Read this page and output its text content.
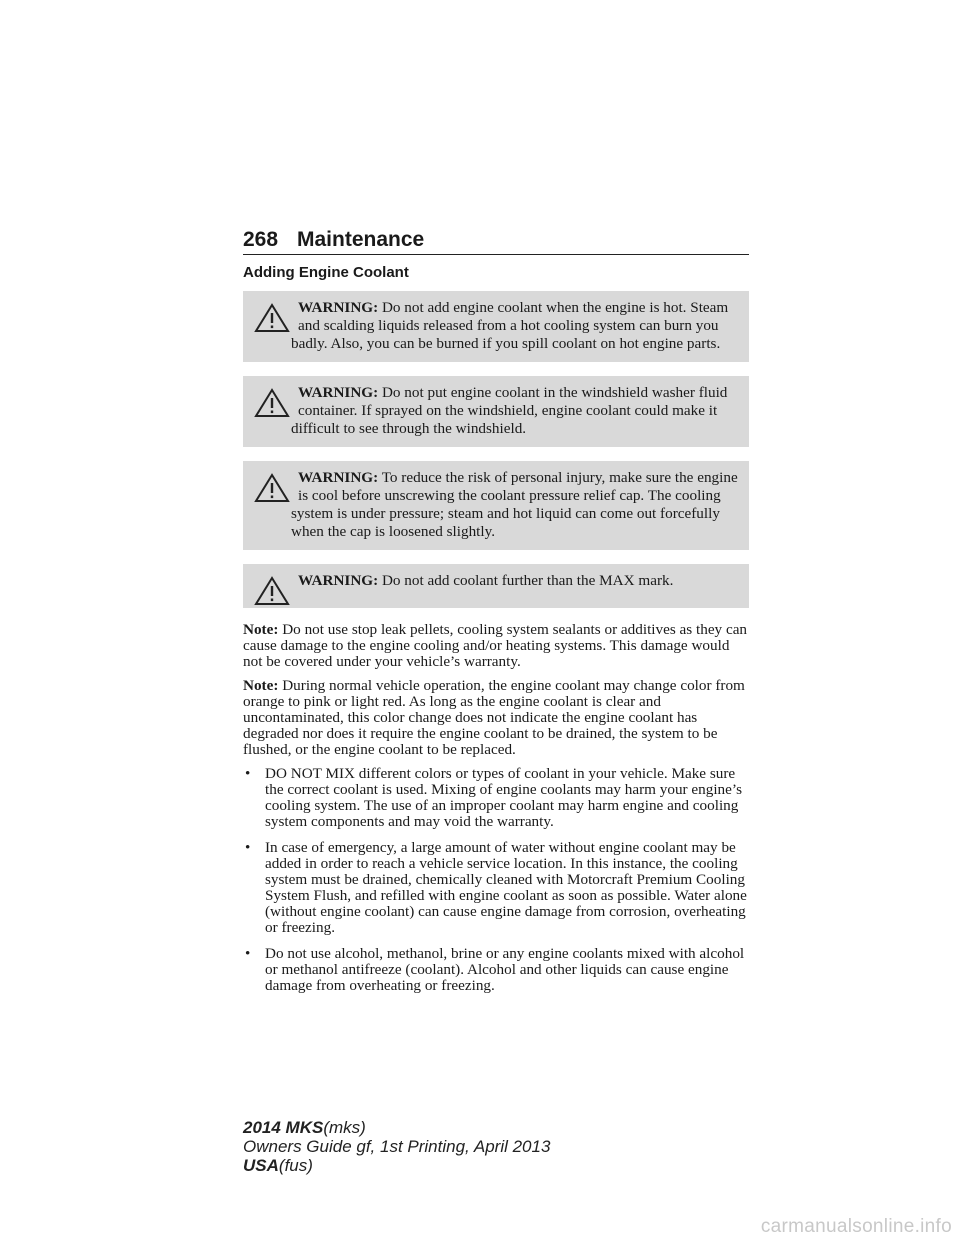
268 Maintenance
Adding Engine Coolant
WARNING: Do not add engine coolant when the engine is hot. Steam and scalding liquids released from a hot cooling system can burn you badly. Also, you can be burned if you spill coolant on hot engine parts.
WARNING: Do not put engine coolant in the windshield washer fluid container. If sprayed on the windshield, engine coolant could make it difficult to see through the windshield.
WARNING: To reduce the risk of personal injury, make sure the engine is cool before unscrewing the coolant pressure relief cap. The cooling system is under pressure; steam and hot liquid can come out forcefully when the cap is loosened slightly.
WARNING: Do not add coolant further than the MAX mark.

Note: Do not use stop leak pellets, cooling system sealants or additives as they can cause damage to the engine cooling and/or heating systems. This damage would not be covered under your vehicle’s warranty.

Note: During normal vehicle operation, the engine coolant may change color from orange to pink or light red. As long as the engine coolant is clear and uncontaminated, this color change does not indicate the engine coolant has degraded nor does it require the engine coolant to be drained, the system to be flushed, or the engine coolant to be replaced.

• DO NOT MIX different colors or types of coolant in your vehicle. Make sure the correct coolant is used. Mixing of engine coolants may harm your engine’s cooling system. The use of an improper coolant may harm engine and cooling system components and may void the warranty.
• In case of emergency, a large amount of water without engine coolant may be added in order to reach a vehicle service location. In this instance, the cooling system must be drained, chemically cleaned with Motorcraft Premium Cooling System Flush, and refilled with engine coolant as soon as possible. Water alone (without engine coolant) can cause engine damage from corrosion, overheating or freezing.
• Do not use alcohol, methanol, brine or any engine coolants mixed with alcohol or methanol antifreeze (coolant). Alcohol and other liquids can cause engine damage from overheating or freezing.
2014 MKS(mks)
Owners Guide gf, 1st Printing, April 2013
USA(fus)
carmanualsonline.info
